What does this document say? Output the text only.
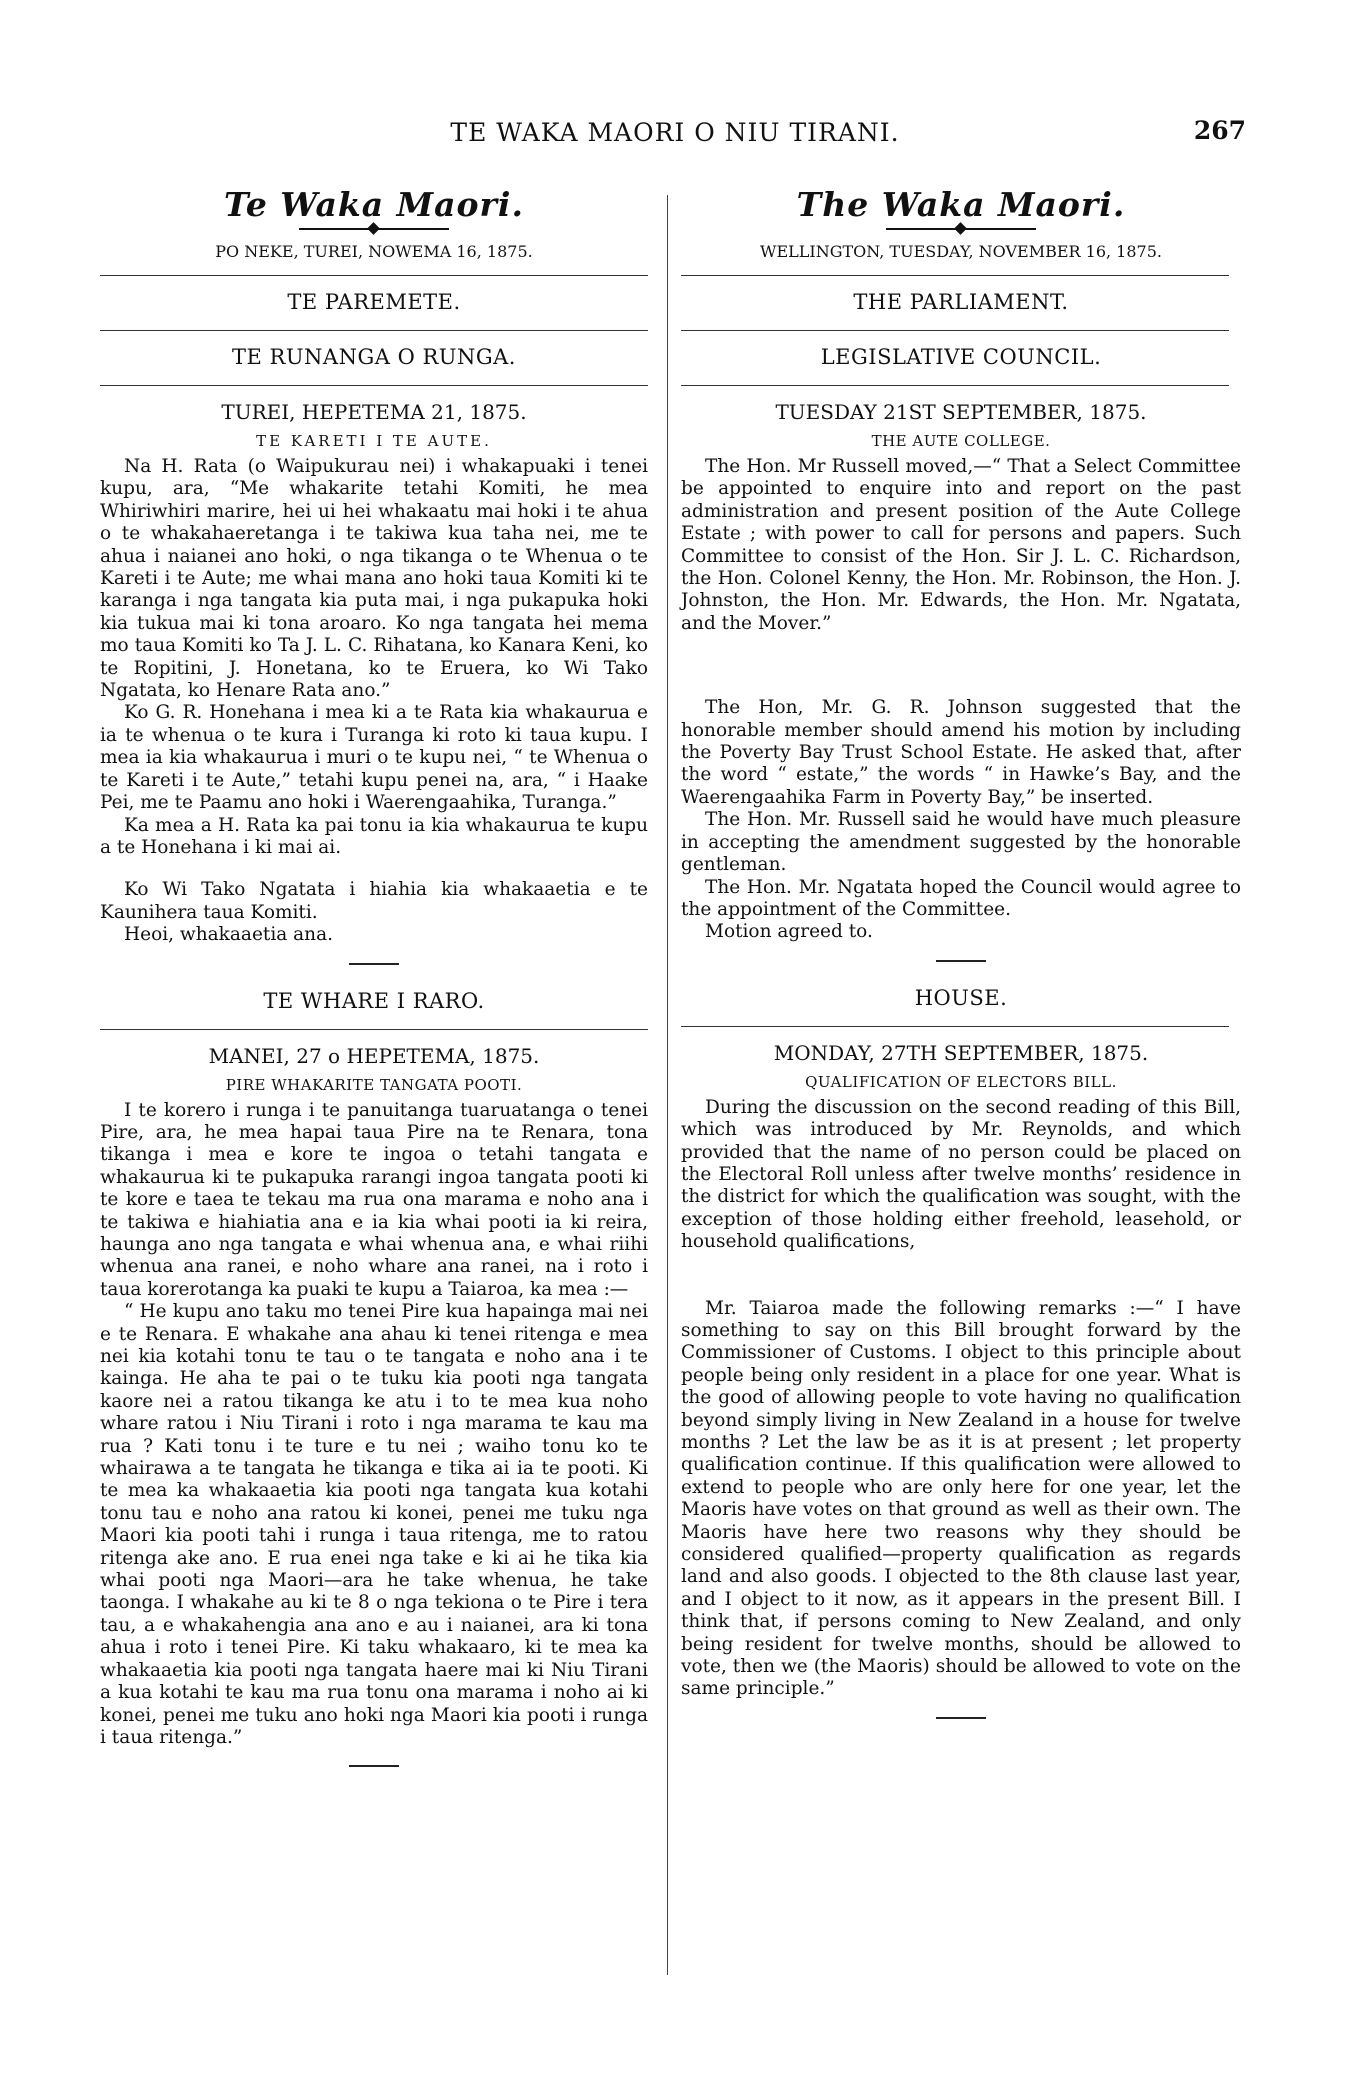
TE WAKA MAORI O NIU TIRANI.	267
Te Waka Maori.
PO NEKE, TUREI, NOWEMA 16, 1875.
TE PAREMETE.
TE RUNANGA O RUNGA.
TUREI, HEPETEMA 21, 1875.
TE KARETI I TE AUTE.

Na H. Rata (o Waipukurau nei) i whakapuaki i tenei kupu, ara, “Me whakarite tetahi Komiti, he mea Whiriwhiri marire, hei ui hei whakaatu mai hoki i te ahua o te whakahaeretanga i te takiwa kua taha nei, me te ahua i naianei ano hoki, o nga tikanga o te Whenua o te Kareti i te Aute; me whai mana ano hoki taua Komiti ki te karanga i nga tangata kia puta mai, i nga pukapuka hoki kia tukua mai ki tona aroaro. Ko nga tangata hei mema mo taua Komiti ko Ta J. L. C. Rihatana, ko Kanara Keni, ko te Ropitini, J. Honetana, ko te Eruera, ko Wi Tako Ngatata, ko Henare Rata ano.”

Ko G. R. Honehana i mea ki a te Rata kia whakaurua e ia te whenua o te kura i Turanga ki roto ki taua kupu. I mea ia kia whakaurua i muri o te kupu nei, “ te Whenua o te Kareti i te Aute,” tetahi kupu penei na, ara, “ i Haake Pei, me te Paamu ano hoki i Waerengaahika, Turanga.”

Ka mea a H. Rata ka pai tonu ia kia whakaurua te kupu a te Honehana i ki mai ai.

Ko Wi Tako Ngatata i hiahia kia whakaaetia e te Kaunihera taua Komiti.

Heoi, whakaaetia ana.

TE WHARE I RARO.
MANEI, 27 o HEPETEMA, 1875.
PIRE WHAKARITE TANGATA POOTI.

I te korero i runga i te panuitanga tuaruatanga o tenei Pire, ara, he mea hapai taua Pire na te Renara, tona tikanga i mea e kore te ingoa o tetahi tangata e whakaurua ki te pukapuka rarangi ingoa tangata pooti ki te kore e taea te tekau ma rua ona marama e noho ana i te takiwa e hiahiatia ana e ia kia whai pooti ia ki reira, haunga ano nga tangata e whai whenua ana, e whai riihi whenua ana ranei, e noho whare ana ranei, na i roto i taua korerotanga ka puaki te kupu a Taiaroa, ka mea :—

“ He kupu ano taku mo tenei Pire kua hapainga mai nei e te Renara. E whakahe ana ahau ki tenei ritenga e mea nei kia kotahi tonu te tau o te tangata e noho ana i te kainga. He aha te pai o te tuku kia pooti nga tangata kaore nei a ratou tikanga ke atu i to te mea kua noho whare ratou i Niu Tirani i roto i nga marama te kau ma rua ? Kati tonu i te ture e tu nei ; waiho tonu ko te whairawa a te tangata he tikanga e tika ai ia te pooti. Ki te mea ka whakaaetia kia pooti nga tangata kua kotahi tonu tau e noho ana ratou ki konei, penei me tuku nga Maori kia pooti tahi i runga i taua ritenga, me to ratou ritenga ake ano. E rua enei nga take e ki ai he tika kia whai pooti nga Maori—ara he take whenua, he take taonga. I whakahe au ki te 8 o nga tekiona o te Pire i tera tau, a e whakahengia ana ano e au i naianei, ara ki tona ahua i roto i tenei Pire. Ki taku whakaaro, ki te mea ka whakaaetia kia pooti nga tangata haere mai ki Niu Tirani a kua kotahi te kau ma rua tonu ona marama i noho ai ki konei, penei me tuku ano hoki nga Maori kia pooti i runga i taua ritenga.”

The Waka Maori.
WELLINGTON, TUESDAY, NOVEMBER 16, 1875.
THE PARLIAMENT.
LEGISLATIVE COUNCIL.
TUESDAY 21ST SEPTEMBER, 1875.
THE AUTE COLLEGE.

The Hon. Mr Russell moved,—“ That a Select Committee be appointed to enquire into and report on the past administration and present position of the Aute College Estate ; with power to call for persons and papers. Such Committee to consist of the Hon. Sir J. L. C. Richardson, the Hon. Colonel Kenny, the Hon. Mr. Robinson, the Hon. J. Johnston, the Hon. Mr. Edwards, the Hon. Mr. Ngatata, and the Mover.”

The Hon, Mr. G. R. Johnson suggested that the honorable member should amend his motion by including the Poverty Bay Trust School Estate. He asked that, after the word “ estate,” the words “ in Hawke’s Bay, and the Waerengaahika Farm in Poverty Bay,” be inserted.

The Hon. Mr. Russell said he would have much pleasure in accepting the amendment suggested by the honorable gentleman.

The Hon. Mr. Ngatata hoped the Council would agree to the appointment of the Committee.

Motion agreed to.

HOUSE.
MONDAY, 27TH SEPTEMBER, 1875.
QUALIFICATION OF ELECTORS BILL.

During the discussion on the second reading of this Bill, which was introduced by Mr. Reynolds, and which provided that the name of no person could be placed on the Electoral Roll unless after twelve months’ residence in the district for which the qualification was sought, with the exception of those holding either freehold, leasehold, or household qualifications,

Mr. Taiaroa made the following remarks :—“ I have something to say on this Bill brought forward by the Commissioner of Customs. I object to this principle about people being only resident in a place for one year. What is the good of allowing people to vote having no qualification beyond simply living in New Zealand in a house for twelve months ? Let the law be as it is at present ; let property qualification continue. If this qualification were allowed to extend to people who are only here for one year, let the Maoris have votes on that ground as well as their own. The Maoris have here two reasons why they should be considered qualified—property qualification as regards land and also goods. I objected to the 8th clause last year, and I object to it now, as it appears in the present Bill. I think that, if persons coming to New Zealand, and only being resident for twelve months, should be allowed to vote, then we (the Maoris) should be allowed to vote on the same principle.”
